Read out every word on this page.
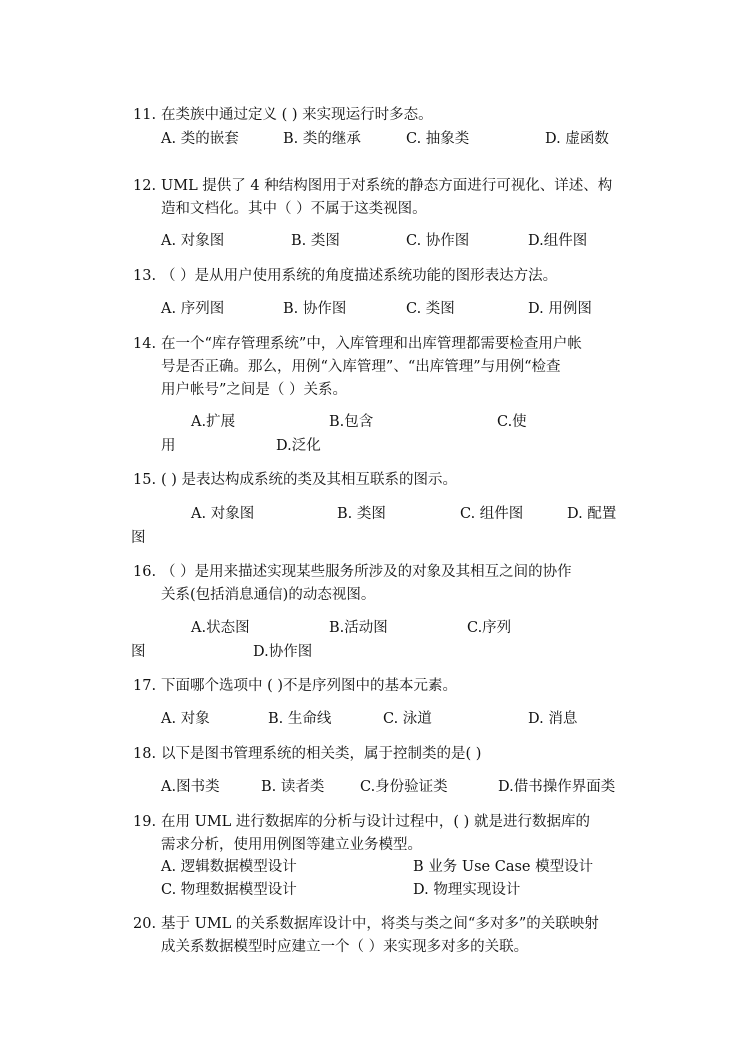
11. 在类族中通过定义 ( ) 来实现运行时多态。
A. 类的嵌套	B. 类的继承	C. 抽象类	D. 虚函数
12. UML 提供了 4 种结构图用于对系统的静态方面进行可视化、详述、构
造和文档化。其中（ ）不属于这类视图。
A. 对象图	B. 类图	C. 协作图	D.组件图
13. （ ）是从用户使用系统的角度描述系统功能的图形表达方法。
A. 序列图	B. 协作图	C. 类图	D. 用例图
14. 在一个“库存管理系统”中，入库管理和出库管理都需要检查用户帐
号是否正确。那么，用例“入库管理”、“出库管理”与用例“检查
用户帐号”之间是（ ）关系。
A.扩展	B.包含	C.使
用	D.泛化
15. ( ) 是表达构成系统的类及其相互联系的图示。
A. 对象图	B. 类图	C. 组件图	D. 配置
图
16. （ ）是用来描述实现某些服务所涉及的对象及其相互之间的协作
关系(包括消息通信)的动态视图。
A.状态图	B.活动图	C.序列
图	D.协作图
17. 下面哪个选项中 ( )不是序列图中的基本元素。
A. 对象	B. 生命线	C. 泳道	D. 消息
18. 以下是图书管理系统的相关类，属于控制类的是( )
A.图书类	B. 读者类 C.身份验证类	D.借书操作界面类
19. 在用 UML 进行数据库的分析与设计过程中，( ) 就是进行数据库的
需求分析，使用用例图等建立业务模型。
A. 逻辑数据模型设计	B 业务 Use Case 模型设计
C. 物理数据模型设计	D. 物理实现设计
20. 基于 UML 的关系数据库设计中，将类与类之间“多对多”的关联映射
成关系数据模型时应建立一个（ ）来实现多对多的关联。
